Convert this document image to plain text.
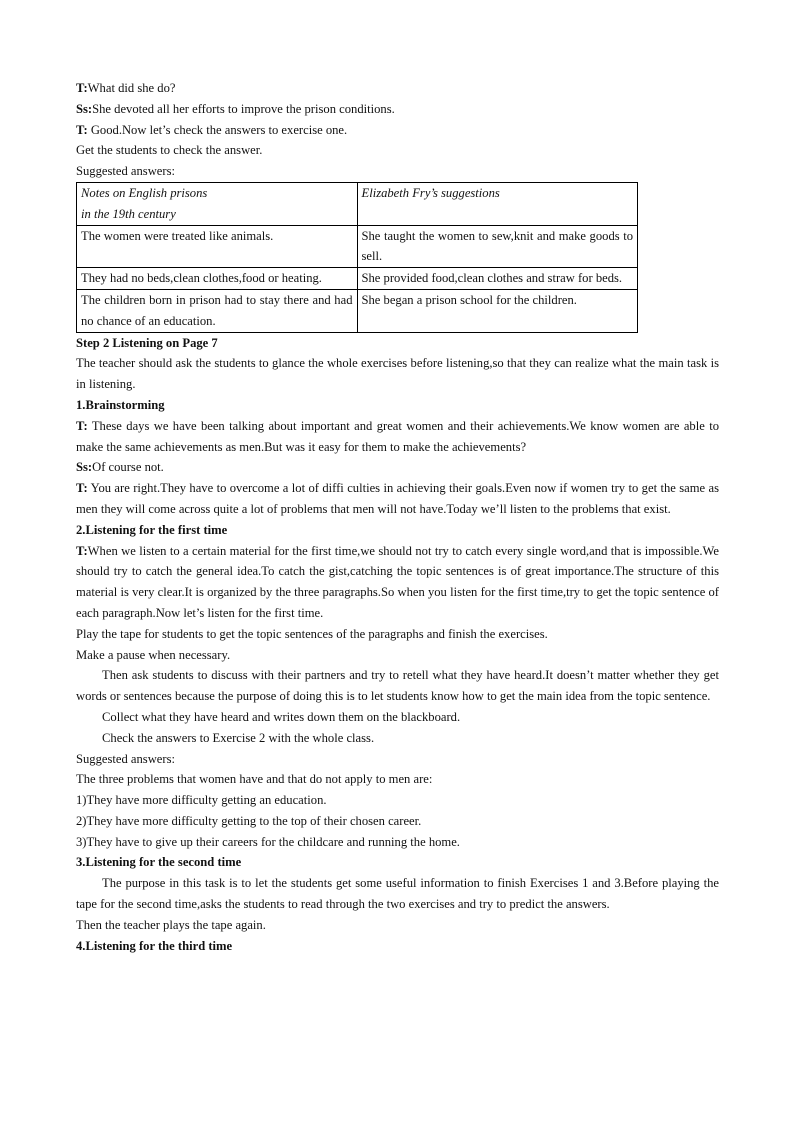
T:What did she do?

Ss:She devoted all her efforts to improve the prison conditions.

T: Good.Now let’s check the answers to exercise one.

Get the students to check the answer.

Suggested answers:

Notes on English prisons
in the 19th century	Elizabeth Fry’s suggestions
The women were treated like animals.	She taught the women to sew,knit and make goods to sell.
They had no beds,clean clothes,food or heating.	She provided food,clean clothes and straw for beds.
The children born in prison had to stay there and had no chance of an education.	She began a prison school for the children.

Step 2 Listening on Page 7

The teacher should ask the students to glance the whole exercises before listening,so that they can realize what the main task is in listening.

1.Brainstorming

T: These days we have been talking about important and great women and their achievements.We know women are able to make the same achievements as men.But was it easy for them to make the achievements?

Ss:Of course not.

T: You are right.They have to overcome a lot of diffi culties in achieving their goals.Even now if women try to get the same as men they will come across quite a lot of problems that men will not have.Today we’ll listen to the problems that exist.

2.Listening for the first time

T:When we listen to a certain material for the first time,we should not try to catch every single word,and that is impossible.We should try to catch the general idea.To catch the gist,catching the topic sentences is of great importance.The structure of this material is very clear.It is organized by the three paragraphs.So when you listen for the first time,try to get the topic sentence of each paragraph.Now let’s listen for the first time.

Play the tape for students to get the topic sentences of the paragraphs and finish the exercises.

Make a pause when necessary.

Then ask students to discuss with their partners and try to retell what they have heard.It doesn’t matter whether they get words or sentences because the purpose of doing this is to let students know how to get the main idea from the topic sentence.

Collect what they have heard and writes down them on the blackboard.

Check the answers to Exercise 2 with the whole class.

Suggested answers:

The three problems that women have and that do not apply to men are:

1)They have more difficulty getting an education.

2)They have more difficulty getting to the top of their chosen career.

3)They have to give up their careers for the childcare and running the home.

3.Listening for the second time

The purpose in this task is to let the students get some useful information to finish Exercises 1 and 3.Before playing the tape for the second time,asks the students to read through the two exercises and try to predict the answers.

Then the teacher plays the tape again.

4.Listening for the third time
